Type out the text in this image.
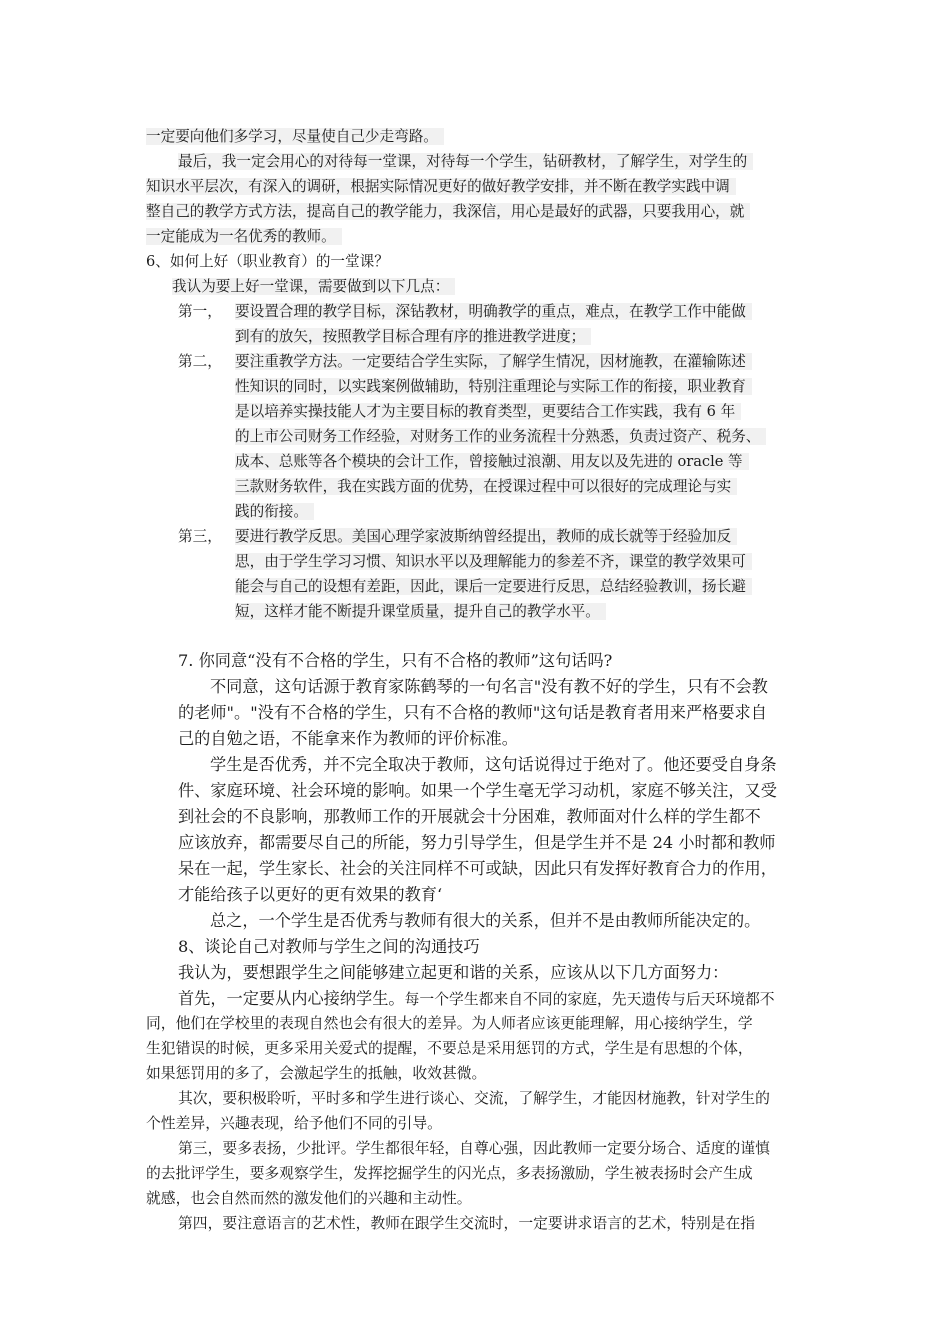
一定要向他们多学习，尽量使自己少走弯路。
最后，我一定会用心的对待每一堂课，对待每一个学生，钻研教材，了解学生，对学生的
知识水平层次，有深入的调研，根据实际情况更好的做好教学安排，并不断在教学实践中调
整自己的教学方式方法，提高自己的教学能力，我深信，用心是最好的武器，只要我用心，就
一定能成为一名优秀的教师。
6、如何上好（职业教育）的一堂课？
我认为要上好一堂课，需要做到以下几点：
第一， 要设置合理的教学目标，深钻教材，明确教学的重点，难点，在教学工作中能做
到有的放矢，按照教学目标合理有序的推进教学进度；
第二， 要注重教学方法。一定要结合学生实际，了解学生情况，因材施教，在灌输陈述
性知识的同时，以实践案例做辅助，特别注重理论与实际工作的衔接，职业教育
是以培养实操技能人才为主要目标的教育类型，更要结合工作实践，我有 6 年
的上市公司财务工作经验，对财务工作的业务流程十分熟悉，负责过资产、税务、
成本、总账等各个模块的会计工作，曾接触过浪潮、用友以及先进的 oracle 等
三款财务软件，我在实践方面的优势，在授课过程中可以很好的完成理论与实
践的衔接。
第三， 要进行教学反思。美国心理学家波斯纳曾经提出，教师的成长就等于经验加反
思，由于学生学习习惯、知识水平以及理解能力的参差不齐，课堂的教学效果可
能会与自己的设想有差距，因此，课后一定要进行反思，总结经验教训，扬长避
短，这样才能不断提升课堂质量，提升自己的教学水平。
7. 你同意“没有不合格的学生，只有不合格的教师”这句话吗?
不同意，这句话源于教育家陈鹤琴的一句名言"没有教不好的学生，只有不会教
的老师"。"没有不合格的学生，只有不合格的教师"这句话是教育者用来严格要求自
己的自勉之语，不能拿来作为教师的评价标准。
学生是否优秀，并不完全取决于教师，这句话说得过于绝对了。他还要受自身条
件、家庭环境、社会环境的影响。如果一个学生毫无学习动机，家庭不够关注，又受
到社会的不良影响，那教师工作的开展就会十分困难，教师面对什么样的学生都不
应该放弃，都需要尽自己的所能，努力引导学生，但是学生并不是 24 小时都和教师
呆在一起，学生家长、社会的关注同样不可或缺，因此只有发挥好教育合力的作用，
才能给孩子以更好的更有效果的教育‘
总之，一个学生是否优秀与教师有很大的关系，但并不是由教师所能决定的。
8、谈论自己对教师与学生之间的沟通技巧
我认为，要想跟学生之间能够建立起更和谐的关系，应该从以下几方面努力：
首先，一定要从内心接纳学生。每一个学生都来自不同的家庭，先天遗传与后天环境都不
同，他们在学校里的表现自然也会有很大的差异。为人师者应该更能理解，用心接纳学生，学
生犯错误的时候，更多采用关爱式的提醒，不要总是采用惩罚的方式，学生是有思想的个体，
如果惩罚用的多了，会激起学生的抵触，收效甚微。
其次，要积极聆听，平时多和学生进行谈心、交流，了解学生，才能因材施教，针对学生的
个性差异，兴趣表现，给予他们不同的引导。
第三，要多表扬，少批评。学生都很年轻，自尊心强，因此教师一定要分场合、适度的谨慎
的去批评学生，要多观察学生，发挥挖掘学生的闪光点，多表扬激励，学生被表扬时会产生成
就感，也会自然而然的激发他们的兴趣和主动性。
第四，要注意语言的艺术性，教师在跟学生交流时，一定要讲求语言的艺术，特别是在指
